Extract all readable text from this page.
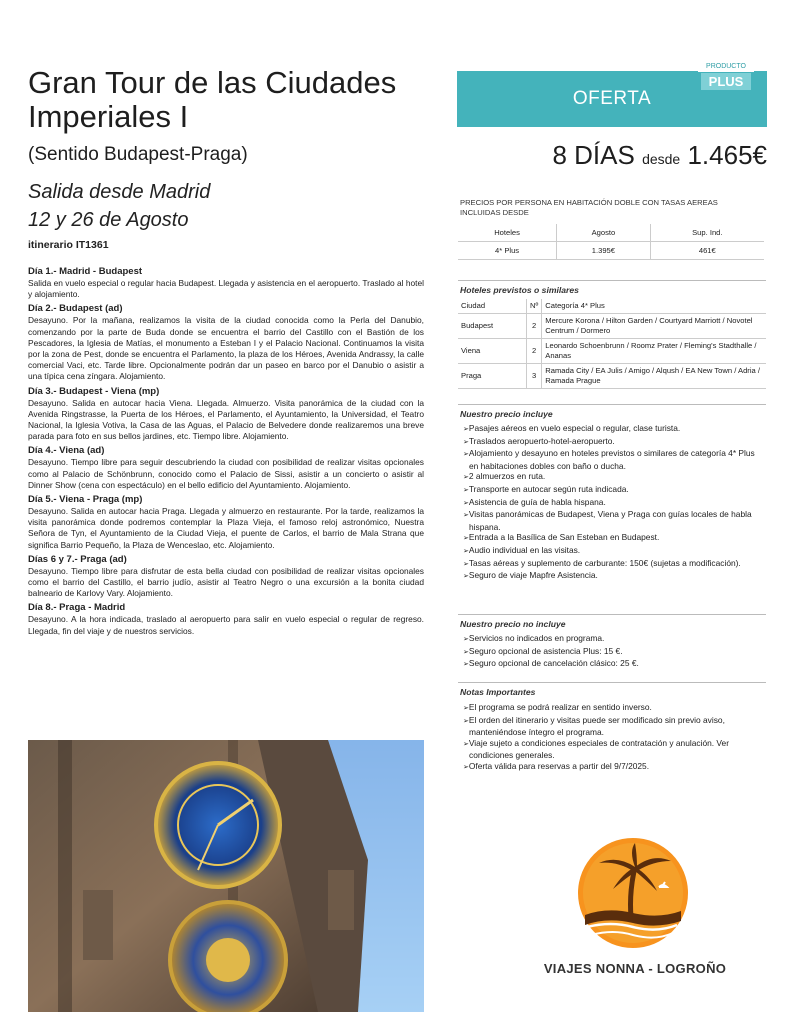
Gran Tour de las Ciudades Imperiales I
(Sentido Budapest-Praga)
Salida desde Madrid
12 y 26 de Agosto
itinerario IT1361

Día 1.- Madrid - Budapest

Salida en vuelo especial o regular hacia Budapest. Llegada y asistencia en el aeropuerto. Traslado al hotel y alojamiento.

Día 2.- Budapest (ad)

Desayuno. Por la mañana, realizamos la visita de la ciudad conocida como la Perla del Danubio, comenzando por la parte de Buda donde se encuentra el barrio del Castillo con el Bastión de los Pescadores, la Iglesia de Matías, el monumento a Esteban I y el Palacio Nacional. Continuamos la visita por la zona de Pest, donde se encuentra el Parlamento, la plaza de los Héroes, Avenida Andrassy, la calle comercial Vaci, etc. Tarde libre. Opcionalmente podrán dar un paseo en barco por el Danubio o asistir a una típica cena zíngara. Alojamiento.

Día 3.- Budapest - Viena (mp)

Desayuno. Salida en autocar hacia Viena. Llegada. Almuerzo. Visita panorámica de la ciudad con la Avenida Ringstrasse, la Puerta de los Héroes, el Parlamento, el Ayuntamiento, la Universidad, el Teatro Nacional, la Iglesia Votiva, la Casa de las Aguas, el Palacio de Belvedere donde realizaremos una breve parada para foto en sus bellos jardines, etc. Tiempo libre. Alojamiento.

Día 4.- Viena (ad)

Desayuno. Tiempo libre para seguir descubriendo la ciudad con posibilidad de realizar visitas opcionales como al Palacio de Schönbrunn, conocido como el Palacio de Sissi, asistir a un concierto o asistir al Dinner Show (cena con espectáculo) en el bello edificio del Ayuntamiento. Alojamiento.

Día 5.- Viena - Praga (mp)

Desayuno. Salida en autocar hacia Praga. Llegada y almuerzo en restaurante. Por la tarde, realizamos la visita panorámica donde podremos contemplar la Plaza Vieja, el famoso reloj astronómico, Nuestra Señora de Tyn, el Ayuntamiento de la Ciudad Vieja, el puente de Carlos, el barrio de Mala Strana que significa Barrio Pequeño, la Plaza de Wenceslao, etc. Alojamiento.

Días 6 y 7.- Praga (ad)

Desayuno. Tiempo libre para disfrutar de esta bella ciudad con posibilidad de realizar visitas opcionales como el barrio del Castillo, el barrio judío, asistir al Teatro Negro o una excursión a la bonita ciudad balneario de Karlovy Vary. Alojamiento.

Día 8.- Praga - Madrid

Desayuno. A la hora indicada, traslado al aeropuerto para salir en vuelo especial o regular de regreso. Llegada, fin del viaje y de nuestros servicios.

OFERTA
PRODUCTO
PLUS
8 DÍAS desde 1.465€
PRECIOS POR PERSONA EN HABITACIÓN DOBLE CON TASAS AEREAS INCLUIDAS DESDE
Hoteles	Agosto	Sup. Ind.
4* Plus	1.395€	461€
Hoteles previstos o similares
Ciudad	Nº	Categoría 4* Plus
Budapest	2	Mercure Korona / Hilton Garden / Courtyard Marriott / Novotel Centrum / Dormero
Viena	2	Leonardo Schoenbrunn / Roomz Prater / Fleming's Stadthalle / Ananas
Praga	3	Ramada City / EA Julis / Amigo / Alqush / EA New Town / Adria / Ramada Prague
Nuestro precio incluye

➢Pasajes aéreos en vuelo especial o regular, clase turista.

➢Traslados aeropuerto-hotel-aeropuerto.

➢Alojamiento y desayuno en hoteles previstos o similares de categoría 4* Plus en habitaciones dobles con baño o ducha.

➢2 almuerzos en ruta.

➢Transporte en autocar según ruta indicada.

➢Asistencia de guía de habla hispana.

➢Visitas panorámicas de Budapest, Viena y Praga con guías locales de habla hispana.

➢Entrada a la Basílica de San Esteban en Budapest.

➢Audio individual en las visitas.

➢Tasas aéreas y suplemento de carburante: 150€ (sujetas a modificación).

➢Seguro de viaje Mapfre Asistencia.

Nuestro precio no incluye

➢Servicios no indicados en programa.

➢Seguro opcional de asistencia Plus: 15 €.

➢Seguro opcional de cancelación clásico: 25 €.

Notas Importantes

➢El programa se podrá realizar en sentido inverso.

➢El orden del itinerario y visitas puede ser modificado sin previo aviso, manteniéndose íntegro el programa.

➢Viaje sujeto a condiciones especiales de contratación y anulación. Ver condiciones generales.

➢Oferta válida para reservas a partir del 9/7/2025.

VIAJES NONNA - LOGROÑO
